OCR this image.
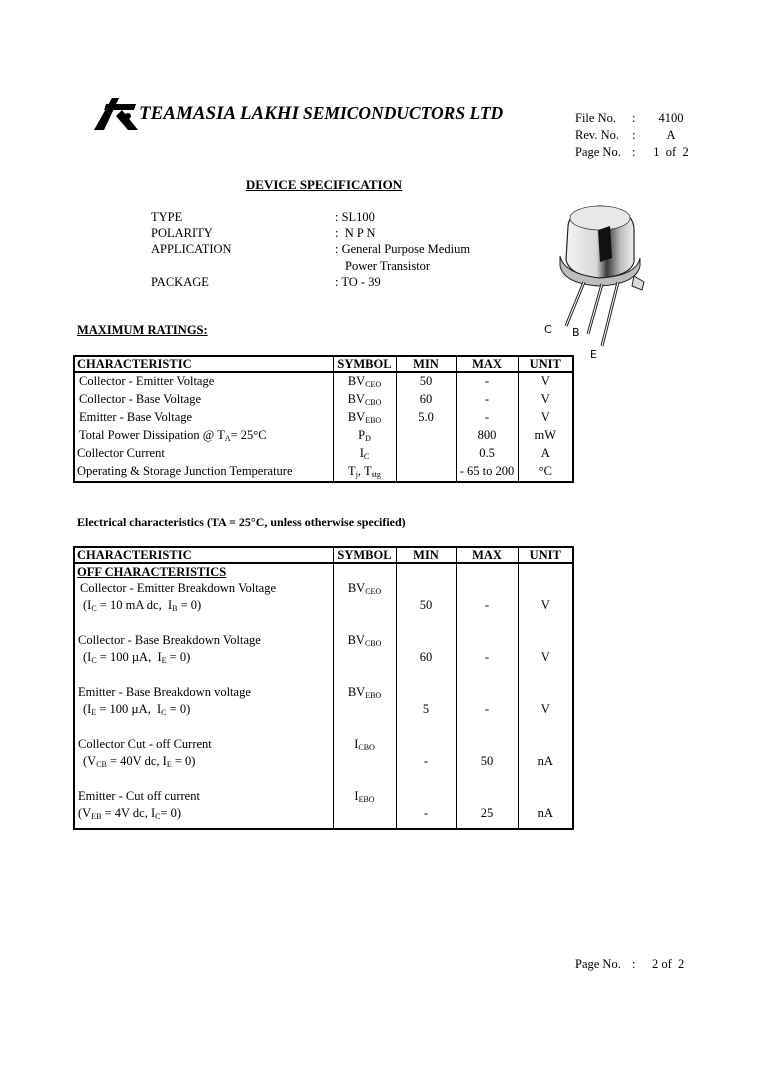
TEAMASIA LAKHI SEMICONDUCTORS LTD	File No.	:	4100
Rev. No.	:	A
Page No. :	1  of  2
DEVICE SPECIFICATION
TYPE	: SL100
POLARITY	:  N P N
APPLICATION	: General Purpose Medium
Power Transistor
PACKAGE	: TO - 39
C B
E
MAXIMUM RATINGS:
CHARACTERISTIC	SYMBOL	MIN	MAX	UNIT
Collector - Emitter Voltage	$BV_{CEO}$	50	-	V
Collector - Base Voltage	$BV_{CBO}$	60	-	V
Emitter - Base Voltage	$BV_{EBO}$	5.0	-	V
Total Power Dissipation @ $T_A= 25^\circ C$	$P_D$		800	mW
Collector Current	$I_C$		0.5	A
Operating & Storage Junction Temperature	$T_j$, $T_{stg}$		- 65 to 200	°C
Electrical characteristics (TA = 25°C, unless otherwise specified)
CHARACTERISTIC	SYMBOL	MIN	MAX	UNIT
OFF CHARACTERISTICS				

Collector - Emitter Breakdown Voltage
($I_C = 10$ mA dc,  $I_B = 0$)	$BV_{CEO}$	50	-	V

Collector - Base Breakdown Voltage
($I_C = 100$ µA,  $I_E = 0$)	$BV_{CBO}$	60	-	V

Emitter - Base Breakdown voltage
($I_E = 100$ µA,  $I_C = 0$)	$BV_{EBO}$	5	-	V

Collector Cut - off Current
($V_{CB} = 40V$ dc, $I_E = 0$)	$I_{CBO}$	-	50	nA

Emitter - Cut off current
($V_{EB} = 4V$ dc, $I_C= 0$)	$I_{EBO}$	-	25	nA
Page No. :	2 of  2
